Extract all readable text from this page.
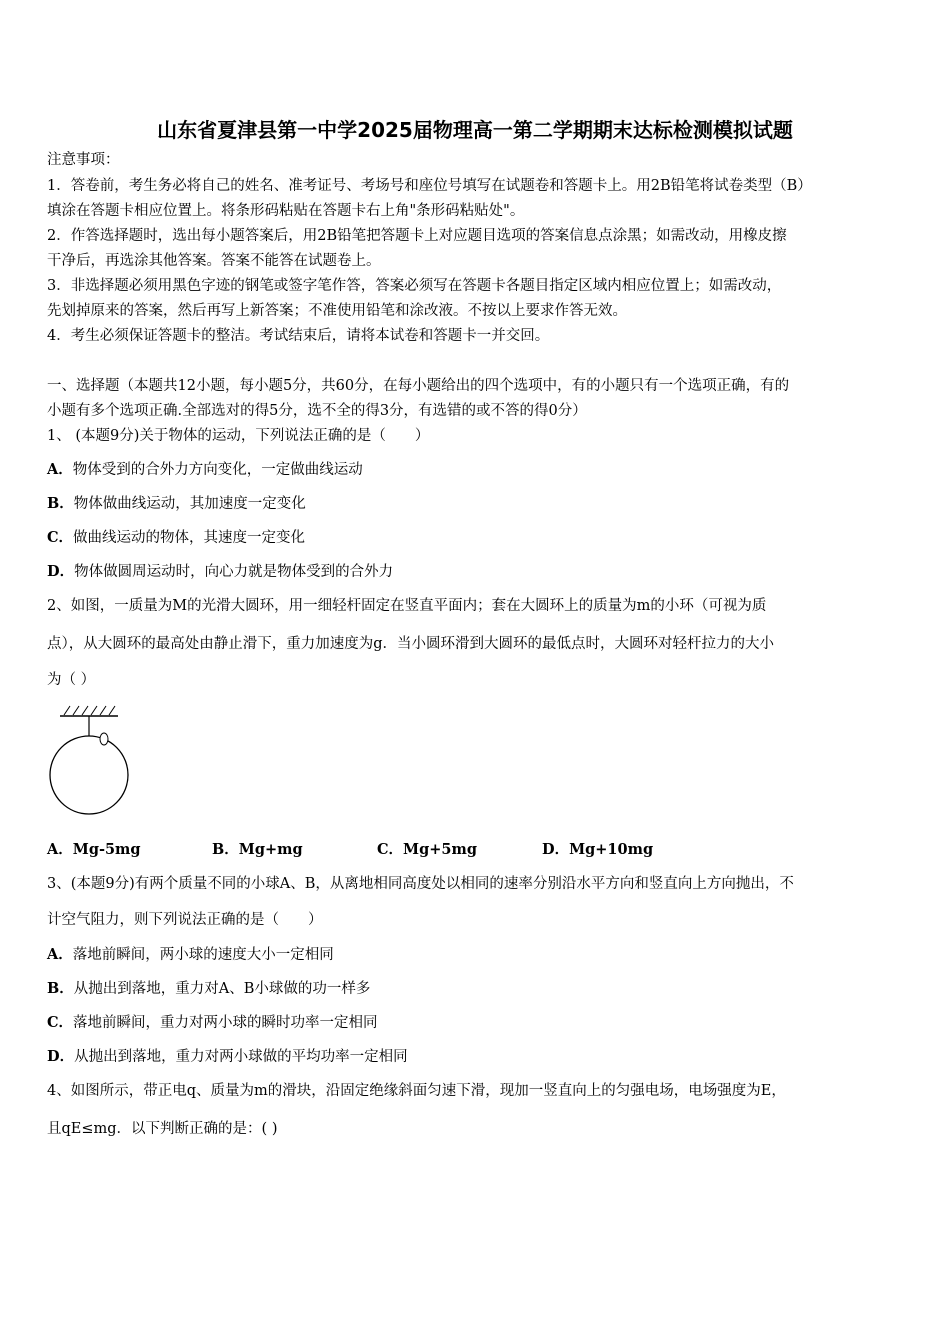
山东省夏津县第一中学2025届物理高一第二学期期末达标检测模拟试题
注意事项：
1．答卷前，考生务必将自己的姓名、准考证号、考场号和座位号填写在试题卷和答题卡上。用2B铅笔将试卷类型（B）
填涂在答题卡相应位置上。将条形码粘贴在答题卡右上角"条形码粘贴处"。
2．作答选择题时，选出每小题答案后，用2B铅笔把答题卡上对应题目选项的答案信息点涂黑；如需改动，用橡皮擦
干净后，再选涂其他答案。答案不能答在试题卷上。
3．非选择题必须用黑色字迹的钢笔或签字笔作答，答案必须写在答题卡各题目指定区域内相应位置上；如需改动，
先划掉原来的答案，然后再写上新答案；不准使用铅笔和涂改液。不按以上要求作答无效。
4．考生必须保证答题卡的整洁。考试结束后，请将本试卷和答题卡一并交回。
一、选择题（本题共12小题，每小题5分，共60分，在每小题给出的四个选项中，有的小题只有一个选项正确，有的
小题有多个选项正确.全部选对的得5分，选不全的得3分，有选错的或不答的得0分）
1、 (本题9分)关于物体的运动，下列说法正确的是（　　）
A．物体受到的合外力方向变化，一定做曲线运动
B．物体做曲线运动，其加速度一定变化
C．做曲线运动的物体，其速度一定变化
D．物体做圆周运动时，向心力就是物体受到的合外力
2、如图，一质量为M的光滑大圆环，用一细轻杆固定在竖直平面内；套在大圆环上的质量为m的小环（可视为质
点），从大圆环的最高处由静止滑下，重力加速度为g．当小圆环滑到大圆环的最低点时，大圆环对轻杆拉力的大小
为（ ）
A．Mg-5mg	B．Mg+mg	C．Mg+5mg	D．Mg+10mg
3、(本题9分)有两个质量不同的小球A、B，从离地相同高度处以相同的速率分别沿水平方向和竖直向上方向抛出，不
计空气阻力，则下列说法正确的是（　　）
A．落地前瞬间，两小球的速度大小一定相同
B．从抛出到落地，重力对A、B小球做的功一样多
C．落地前瞬间，重力对两小球的瞬时功率一定相同
D．从抛出到落地，重力对两小球做的平均功率一定相同
4、如图所示，带正电q、质量为m的滑块，沿固定绝缘斜面匀速下滑，现加一竖直向上的匀强电场，电场强度为E，
且qE≤mg．以下判断正确的是：( )
